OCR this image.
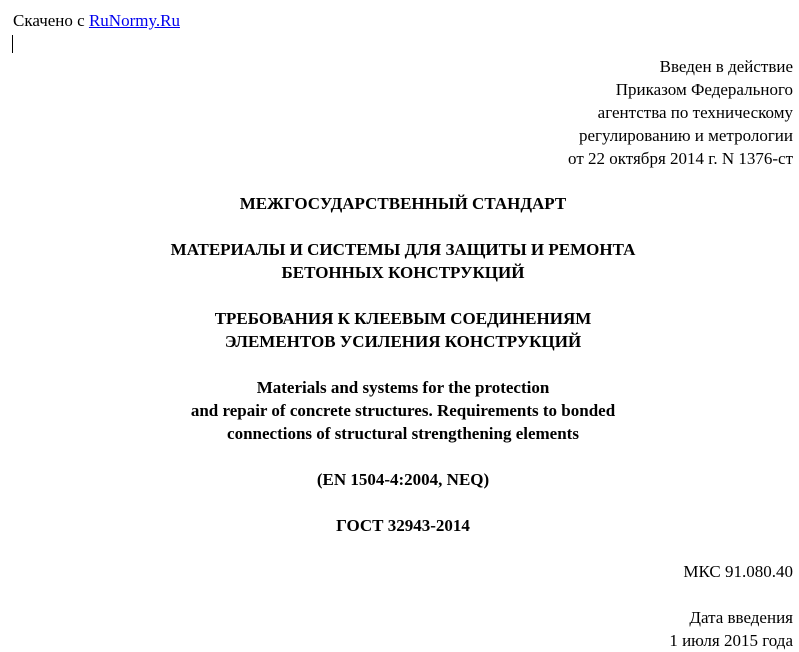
Скачено с RuNormy.Ru
Введен в действие
Приказом Федерального
агентства по техническому
регулированию и метрологии
от 22 октября 2014 г. N 1376-ст
МЕЖГОСУДАРСТВЕННЫЙ СТАНДАРТ
МАТЕРИАЛЫ И СИСТЕМЫ ДЛЯ ЗАЩИТЫ И РЕМОНТА
БЕТОННЫХ КОНСТРУКЦИЙ
ТРЕБОВАНИЯ К КЛЕЕВЫМ СОЕДИНЕНИЯМ
ЭЛЕМЕНТОВ УСИЛЕНИЯ КОНСТРУКЦИЙ
Materials and systems for the protection
and repair of concrete structures. Requirements to bonded
connections of structural strengthening elements
(EN 1504-4:2004, NEQ)
ГОСТ 32943-2014
МКС 91.080.40
Дата введения
1 июля 2015 года
